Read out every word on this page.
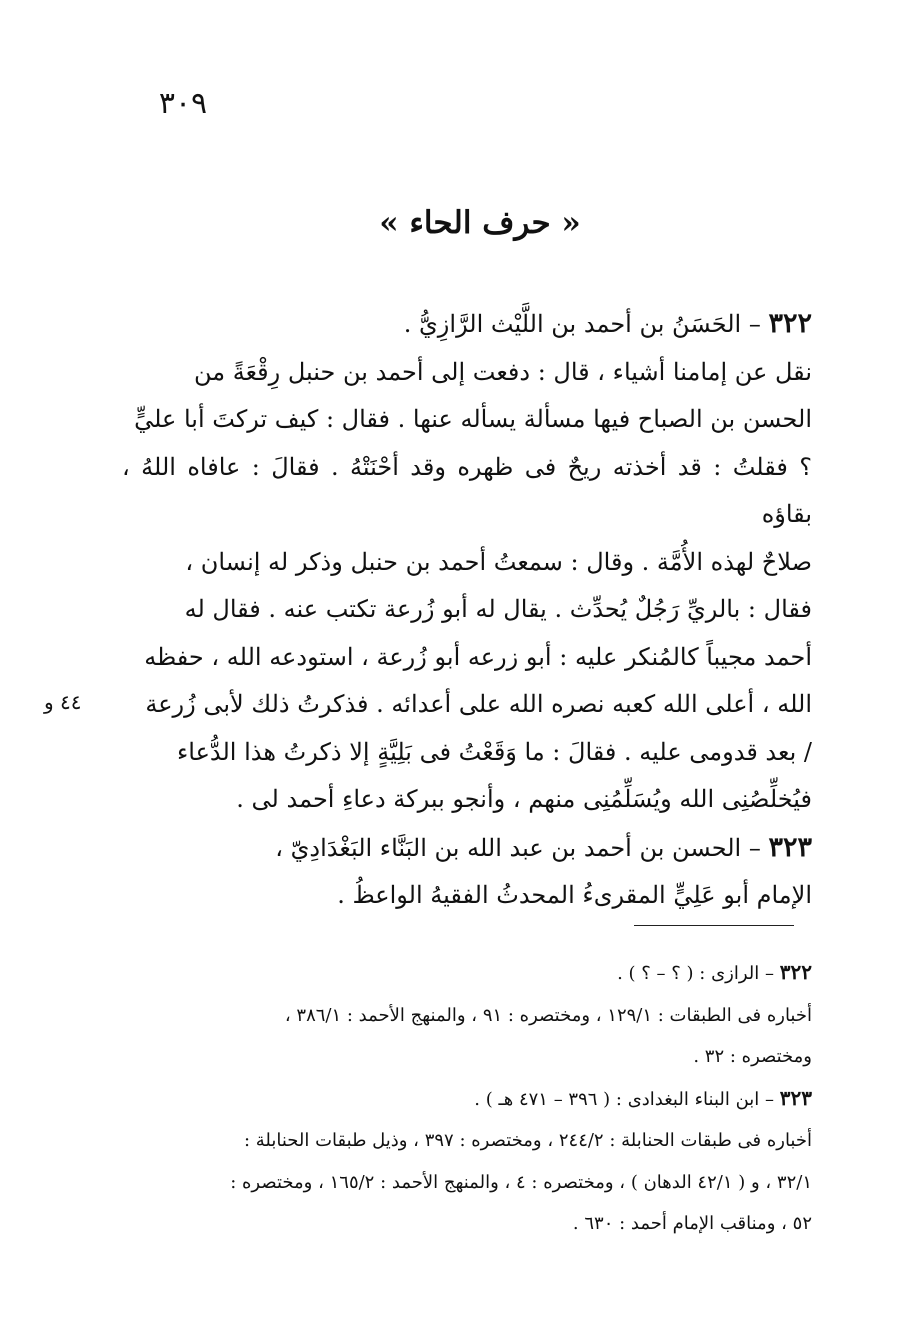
٣٠٩
« حرف الحاء »

٣٢٢ – الحَسَنُ بن أحمد بن اللَّيْث الرَّازِيُّ .

نقل عن إمامنا أشياء ، قال : دفعت إلى أحمد بن حنبل رِقْعَةً من

الحسن بن الصباح فيها مسألة يسأله عنها . فقال : كيف تركتَ أبا عليٍّ

؟ فقلتُ : قد أخذته ريحٌ فى ظهره وقد أحْنَتْهُ . فقالَ : عافاه اللهُ ، بقاؤه

صلاحٌ لهذه الأُمَّة . وقال : سمعتُ أحمد بن حنبل وذكر له إنسان ،

فقال : بالريِّ رَجُلٌ يُحدِّث . يقال له أبو زُرعة تكتب عنه . فقال له

أحمد مجيباً كالمُنكر عليه : أبو زرعه أبو زُرعة ، استودعه الله ، حفظه

الله ، أعلى الله كعبه نصره الله على أعدائه . فذكرتُ ذلك لأبى زُرعة

/ بعد قدومى عليه . فقالَ : ما وَقَعْتُ فى بَلِيَّةٍ إلا ذكرتُ هذا الدُّعاء

فيُخلِّصُنِى الله ويُسَلِّمُنِى منهم ، وأنجو ببركة دعاءِ أحمد لى .

٣٢٣ – الحسن بن أحمد بن عبد الله بن البَنَّاء البَغْدَادِيّ ،

الإمام أبو عَلِيٍّ المقرىءُ المحدثُ الفقيهُ الواعظُ .

٤٤ و

٣٢٢ – الرازى : ( ؟ – ؟ ) .

أخباره فى الطبقات : ١٢٩/١ ، ومختصره : ٩١ ، والمنهج الأحمد : ٣٨٦/١ ،

ومختصره : ٣٢ .

٣٢٣ – ابن البناء البغدادى : ( ٣٩٦ – ٤٧١ هـ ) .

أخباره فى طبقات الحنابلة : ٢٤٤/٢ ، ومختصره : ٣٩٧ ، وذيل طبقات الحنابلة :

٣٢/١ ، و ( ٤٢/١ الدهان ) ، ومختصره : ٤ ، والمنهج الأحمد : ١٦٥/٢ ، ومختصره :

٥٢ ، ومناقب الإمام أحمد : ٦٣٠ .
